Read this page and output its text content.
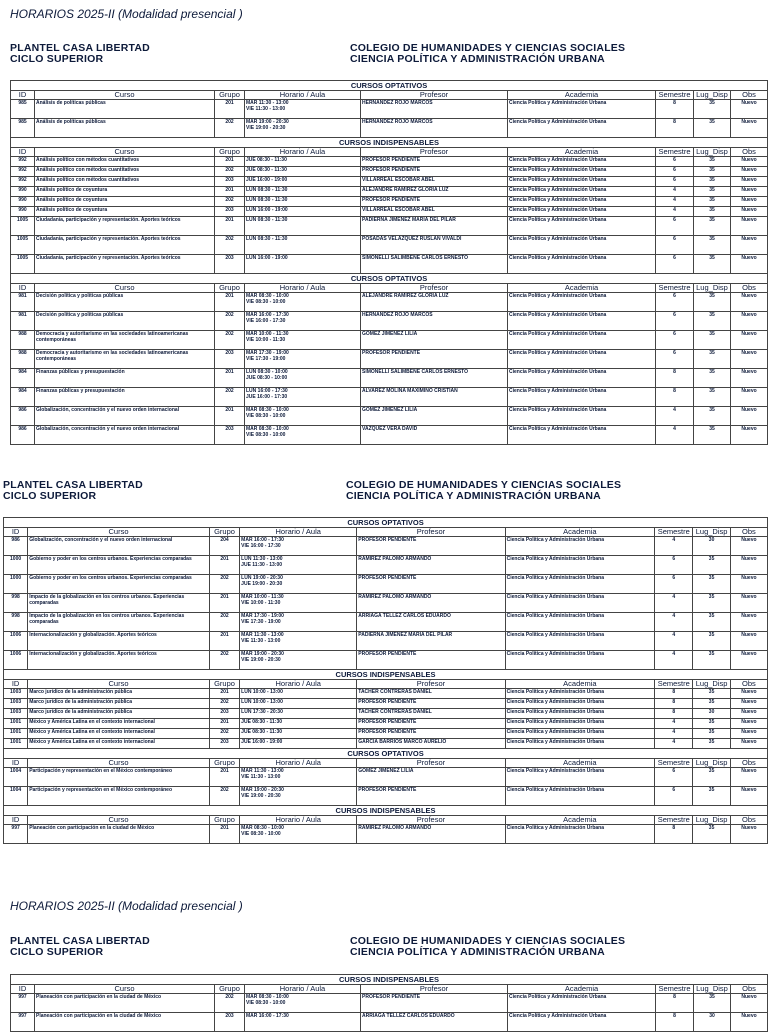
HORARIOS 2025-II (Modalidad presencial )
PLANTEL CASA LIBERTAD
CICLO SUPERIOR
COLEGIO DE HUMANIDADES Y CIENCIAS SOCIALES
CIENCIA POLÍTICA Y ADMINISTRACIÓN URBANA
CURSOS OPTATIVOS								
ID	Curso	Grupo	Horario / Aula	Profesor	Academia	Semestre	Lug_Disp	Obs
985	Análisis de políticas públicas	201	MAR 11:30 - 13:00
VIE 11:30 - 13:00	HERNANDEZ ROJO MARCOS	Ciencia Política y Administración Urbana	8	35	Nuevo
985	Análisis de políticas públicas	202	MAR 19:00 - 20:30
VIE 19:00 - 20:30	HERNANDEZ ROJO MARCOS	Ciencia Política y Administración Urbana	8	35	Nuevo
CURSOS INDISPENSABLES								
ID	Curso	Grupo	Horario / Aula	Profesor	Academia	Semestre	Lug_Disp	Obs
992	Análisis político con métodos cuantitativos	201	JUE 08:30 - 11:30	PROFESOR PENDIENTE	Ciencia Política y Administración Urbana	6	35	Nuevo
992	Análisis político con métodos cuantitativos	202	JUE 08:30 - 11:30	PROFESOR PENDIENTE	Ciencia Política y Administración Urbana	6	35	Nuevo
992	Análisis político con métodos cuantitativos	203	JUE 16:00 - 19:00	VILLARREAL ESCOBAR ABEL	Ciencia Política y Administración Urbana	6	35	Nuevo
990	Análisis político de coyuntura	201	LUN 08:30 - 11:30	ALEJANDRE RAMIREZ GLORIA LUZ	Ciencia Política y Administración Urbana	4	35	Nuevo
990	Análisis político de coyuntura	202	LUN 08:30 - 11:30	PROFESOR PENDIENTE	Ciencia Política y Administración Urbana	4	35	Nuevo
990	Análisis político de coyuntura	203	LUN 16:00 - 19:00	VILLARREAL ESCOBAR ABEL	Ciencia Política y Administración Urbana	4	35	Nuevo
1005	Ciudadanía, participación y representación. Aportes teóricos	201	LUN 08:30 - 11:30	PADIERNA JIMENEZ MARIA DEL PILAR	Ciencia Política y Administración Urbana	6	35	Nuevo
1005	Ciudadanía, participación y representación. Aportes teóricos	202	LUN 08:30 - 11:30	POSADAS VELAZQUEZ RUSLAN VIVALDI	Ciencia Política y Administración Urbana	6	35	Nuevo
1005	Ciudadanía, participación y representación. Aportes teóricos	203	LUN 16:00 - 19:00	SIMONELLI SALIMBENE CARLOS ERNESTO	Ciencia Política y Administración Urbana	6	35	Nuevo
CURSOS OPTATIVOS								
ID	Curso	Grupo	Horario / Aula	Profesor	Academia	Semestre	Lug_Disp	Obs
981	Decisión política y políticas públicas	201	MAR 08:30 - 10:00
VIE 08:30 - 10:00	ALEJANDRE RAMIREZ GLORIA LUZ	Ciencia Política y Administración Urbana	6	35	Nuevo
981	Decisión política y políticas públicas	202	MAR 16:00 - 17:30
VIE 16:00 - 17:30	HERNANDEZ ROJO MARCOS	Ciencia Política y Administración Urbana	6	35	Nuevo
988	Democracia y autoritarismo en las sociedades latinoamericanas contemporáneas	202	MAR 10:00 - 11:30
VIE 10:00 - 11:30	GOMEZ JIMENEZ LILIA	Ciencia Política y Administración Urbana	6	35	Nuevo
988	Democracia y autoritarismo en las sociedades latinoamericanas contemporáneas	203	MAR 17:30 - 19:00
VIE 17:30 - 19:00	PROFESOR PENDIENTE	Ciencia Política y Administración Urbana	6	35	Nuevo
984	Finanzas públicas y presupuestación	201	LUN 08:30 - 10:00
JUE 08:30 - 10:00	SIMONELLI SALIMBENE CARLOS ERNESTO	Ciencia Política y Administración Urbana	8	35	Nuevo
984	Finanzas públicas y presupuestación	202	LUN 16:00 - 17:30
JUE 16:00 - 17:30	ALVAREZ MOLINA MAXIMINO CRISTIAN	Ciencia Política y Administración Urbana	8	35	Nuevo
986	Globalización, concentración y el nuevo orden internacional	201	MAR 08:30 - 10:00
VIE 08:30 - 10:00	GOMEZ JIMENEZ LILIA	Ciencia Política y Administración Urbana	4	35	Nuevo
986	Globalización, concentración y el nuevo orden internacional	203	MAR 08:30 - 10:00
VIE 08:30 - 10:00	VAZQUEZ VERA DAVID	Ciencia Política y Administración Urbana	4	35	Nuevo
PLANTEL CASA LIBERTAD
CICLO SUPERIOR
COLEGIO DE HUMANIDADES Y CIENCIAS SOCIALES
CIENCIA POLÍTICA Y ADMINISTRACIÓN URBANA
CURSOS OPTATIVOS								
ID	Curso	Grupo	Horario / Aula	Profesor	Academia	Semestre	Lug_Disp	Obs
986	Globalización, concentración y el nuevo orden internacional	204	MAR 16:00 - 17:30
VIE 16:00 - 17:30	PROFESOR PENDIENTE	Ciencia Política y Administración Urbana	4	30	Nuevo
1000	Gobierno y poder en los centros urbanos. Experiencias comparadas	201	LUN 11:30 - 13:00
JUE 11:30 - 13:00	RAMIREZ PALOMO ARMANDO	Ciencia Política y Administración Urbana	6	35	Nuevo
1000	Gobierno y poder en los centros urbanos. Experiencias comparadas	202	LUN 19:00 - 20:30
JUE 19:00 - 20:30	PROFESOR PENDIENTE	Ciencia Política y Administración Urbana	6	35	Nuevo
998	Impacto de la globalización en los centros urbanos. Experiencias comparadas	201	MAR 10:00 - 11:30
VIE 10:00 - 11:30	RAMIREZ PALOMO ARMANDO	Ciencia Política y Administración Urbana	4	35	Nuevo
998	Impacto de la globalización en los centros urbanos. Experiencias comparadas	202	MAR 17:30 - 19:00
VIE 17:30 - 19:00	ARRIAGA TELLEZ CARLOS EDUARDO	Ciencia Política y Administración Urbana	4	35	Nuevo
1006	Internacionalización y globalización. Aportes teóricos	201	MAR 11:30 - 13:00
VIE 11:30 - 13:00	PADIERNA JIMENEZ MARIA DEL PILAR	Ciencia Política y Administración Urbana	4	35	Nuevo
1006	Internacionalización y globalización. Aportes teóricos	202	MAR 19:00 - 20:30
VIE 19:00 - 20:30	PROFESOR PENDIENTE	Ciencia Política y Administración Urbana	4	35	Nuevo
CURSOS INDISPENSABLES								
ID	Curso	Grupo	Horario / Aula	Profesor	Academia	Semestre	Lug_Disp	Obs
1003	Marco jurídico de la administración pública	201	LUN 10:00 - 13:00	TACHER CONTRERAS DANIEL	Ciencia Política y Administración Urbana	8	35	Nuevo
1003	Marco jurídico de la administración pública	202	LUN 10:00 - 13:00	PROFESOR PENDIENTE	Ciencia Política y Administración Urbana	8	35	Nuevo
1003	Marco jurídico de la administración pública	203	LUN 17:30 - 20:30	TACHER CONTRERAS DANIEL	Ciencia Política y Administración Urbana	8	30	Nuevo
1001	México y América Latina en el contexto internacional	201	JUE 08:30 - 11:30	PROFESOR PENDIENTE	Ciencia Política y Administración Urbana	4	35	Nuevo
1001	México y América Latina en el contexto internacional	202	JUE 08:30 - 11:30	PROFESOR PENDIENTE	Ciencia Política y Administración Urbana	4	35	Nuevo
1001	México y América Latina en el contexto internacional	203	JUE 16:00 - 19:00	GARCIA BARRIOS MARCO AURELIO	Ciencia Política y Administración Urbana	4	35	Nuevo
CURSOS OPTATIVOS								
ID	Curso	Grupo	Horario / Aula	Profesor	Academia	Semestre	Lug_Disp	Obs
1004	Participación y representación en el México contemporáneo	201	MAR 11:30 - 13:00
VIE 11:30 - 13:00	GOMEZ JIMENEZ LILIA	Ciencia Política y Administración Urbana	6	35	Nuevo
1004	Participación y representación en el México contemporáneo	202	MAR 19:00 - 20:30
VIE 19:00 - 20:30	PROFESOR PENDIENTE	Ciencia Política y Administración Urbana	6	35	Nuevo
CURSOS INDISPENSABLES								
ID	Curso	Grupo	Horario / Aula	Profesor	Academia	Semestre	Lug_Disp	Obs
997	Planeación con participación en la ciudad de México	201	MAR 08:30 - 10:00
VIE 08:30 - 10:00	RAMIREZ PALOMO ARMANDO	Ciencia Política y Administración Urbana	8	35	Nuevo
HORARIOS 2025-II (Modalidad presencial )
PLANTEL CASA LIBERTAD
CICLO SUPERIOR
COLEGIO DE HUMANIDADES Y CIENCIAS SOCIALES
CIENCIA POLÍTICA Y ADMINISTRACIÓN URBANA
CURSOS INDISPENSABLES								
ID	Curso	Grupo	Horario / Aula	Profesor	Academia	Semestre	Lug_Disp	Obs
997	Planeación con participación en la ciudad de México	202	MAR 08:30 - 10:00
VIE 08:30 - 10:00	PROFESOR PENDIENTE	Ciencia Política y Administración Urbana	8	35	Nuevo
997	Planeación con participación en la ciudad de México	203	MAR 16:00 - 17:30	ARRIAGA TELLEZ CARLOS EDUARDO	Ciencia Política y Administración Urbana	8	30	Nuevo
